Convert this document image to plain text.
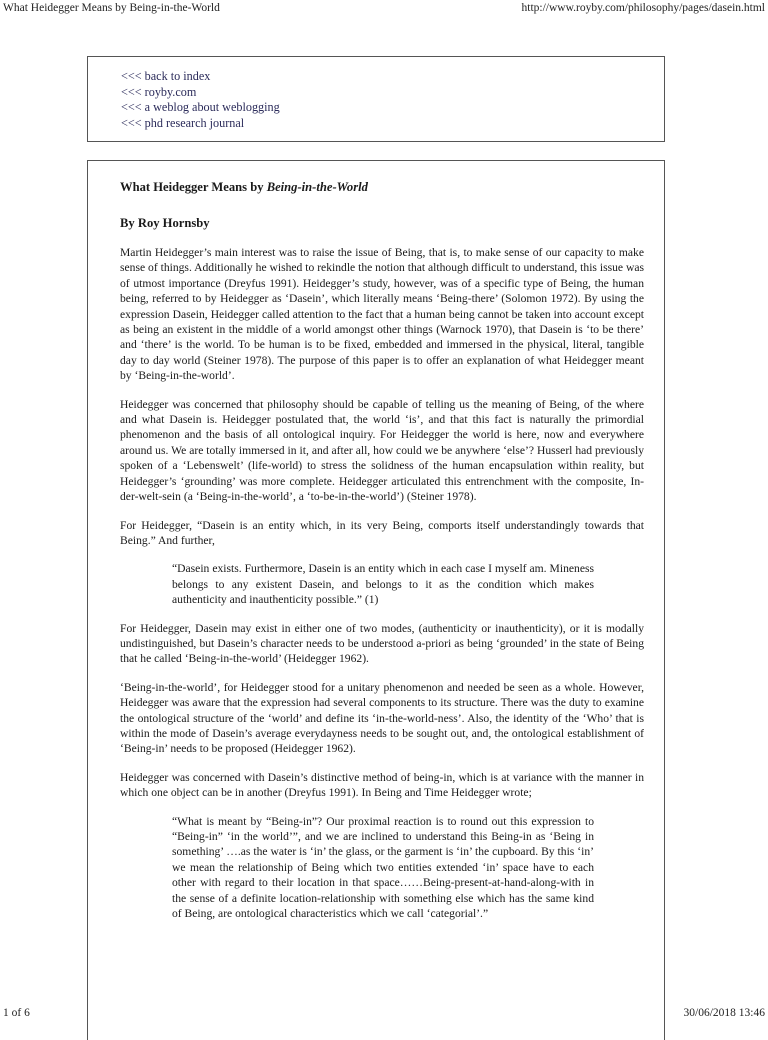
What Heidegger Means by Being-in-the-World	http://www.royby.com/philosophy/pages/dasein.html
<<< back to index
<<< royby.com
<<< a weblog about weblogging
<<< phd research journal
What Heidegger Means by Being-in-the-World
By Roy Hornsby

Martin Heidegger’s main interest was to raise the issue of Being, that is, to make sense of our capacity to make sense of things. Additionally he wished to rekindle the notion that although difficult to understand, this issue was of utmost importance (Dreyfus 1991). Heidegger’s study, however, was of a specific type of Being, the human being, referred to by Heidegger as ‘Dasein’, which literally means ‘Being-there’ (Solomon 1972). By using the expression Dasein, Heidegger called attention to the fact that a human being cannot be taken into account except as being an existent in the middle of a world amongst other things (Warnock 1970), that Dasein is ‘to be there’ and ‘there’ is the world. To be human is to be fixed, embedded and immersed in the physical, literal, tangible day to day world (Steiner 1978). The purpose of this paper is to offer an explanation of what Heidegger meant by ‘Being-in-the-world’.

Heidegger was concerned that philosophy should be capable of telling us the meaning of Being, of the where and what Dasein is. Heidegger postulated that, the world ‘is’, and that this fact is naturally the primordial phenomenon and the basis of all ontological inquiry. For Heidegger the world is here, now and everywhere around us. We are totally immersed in it, and after all, how could we be anywhere ‘else’? Husserl had previously spoken of a ‘Lebenswelt’ (life-world) to stress the solidness of the human encapsulation within reality, but Heidegger’s ‘grounding’ was more complete. Heidegger articulated this entrenchment with the composite, In-der-welt-sein (a ‘Being-in-the-world’, a ‘to-be-in-the-world’) (Steiner 1978).

For Heidegger, “Dasein is an entity which, in its very Being, comports itself understandingly towards that Being.” And further,

“Dasein exists. Furthermore, Dasein is an entity which in each case I myself am. Mineness belongs to any existent Dasein, and belongs to it as the condition which makes authenticity and inauthenticity possible.” (1)

For Heidegger, Dasein may exist in either one of two modes, (authenticity or inauthenticity), or it is modally undistinguished, but Dasein’s character needs to be understood a-priori as being ‘grounded’ in the state of Being that he called ‘Being-in-the-world’ (Heidegger 1962).

‘Being-in-the-world’, for Heidegger stood for a unitary phenomenon and needed be seen as a whole. However, Heidegger was aware that the expression had several components to its structure. There was the duty to examine the ontological structure of the ‘world’ and define its ‘in-the-world-ness’. Also, the identity of the ‘Who’ that is within the mode of Dasein’s average everydayness needs to be sought out, and, the ontological establishment of ‘Being-in’ needs to be proposed (Heidegger 1962).

Heidegger was concerned with Dasein’s distinctive method of being-in, which is at variance with the manner in which one object can be in another (Dreyfus 1991). In Being and Time Heidegger wrote;

“What is meant by “Being-in”? Our proximal reaction is to round out this expression to “Being-in” ‘in the world’”, and we are inclined to understand this Being-in as ‘Being in something’ ….as the water is ‘in’ the glass, or the garment is ‘in’ the cupboard. By this ‘in’ we mean the relationship of Being which two entities extended ‘in’ space have to each other with regard to their location in that space……Being-present-at-hand-along-with in the sense of a definite location-relationship with something else which has the same kind of Being, are ontological characteristics which we call ‘categorial’.”

1 of 6	30/06/2018 13:46
